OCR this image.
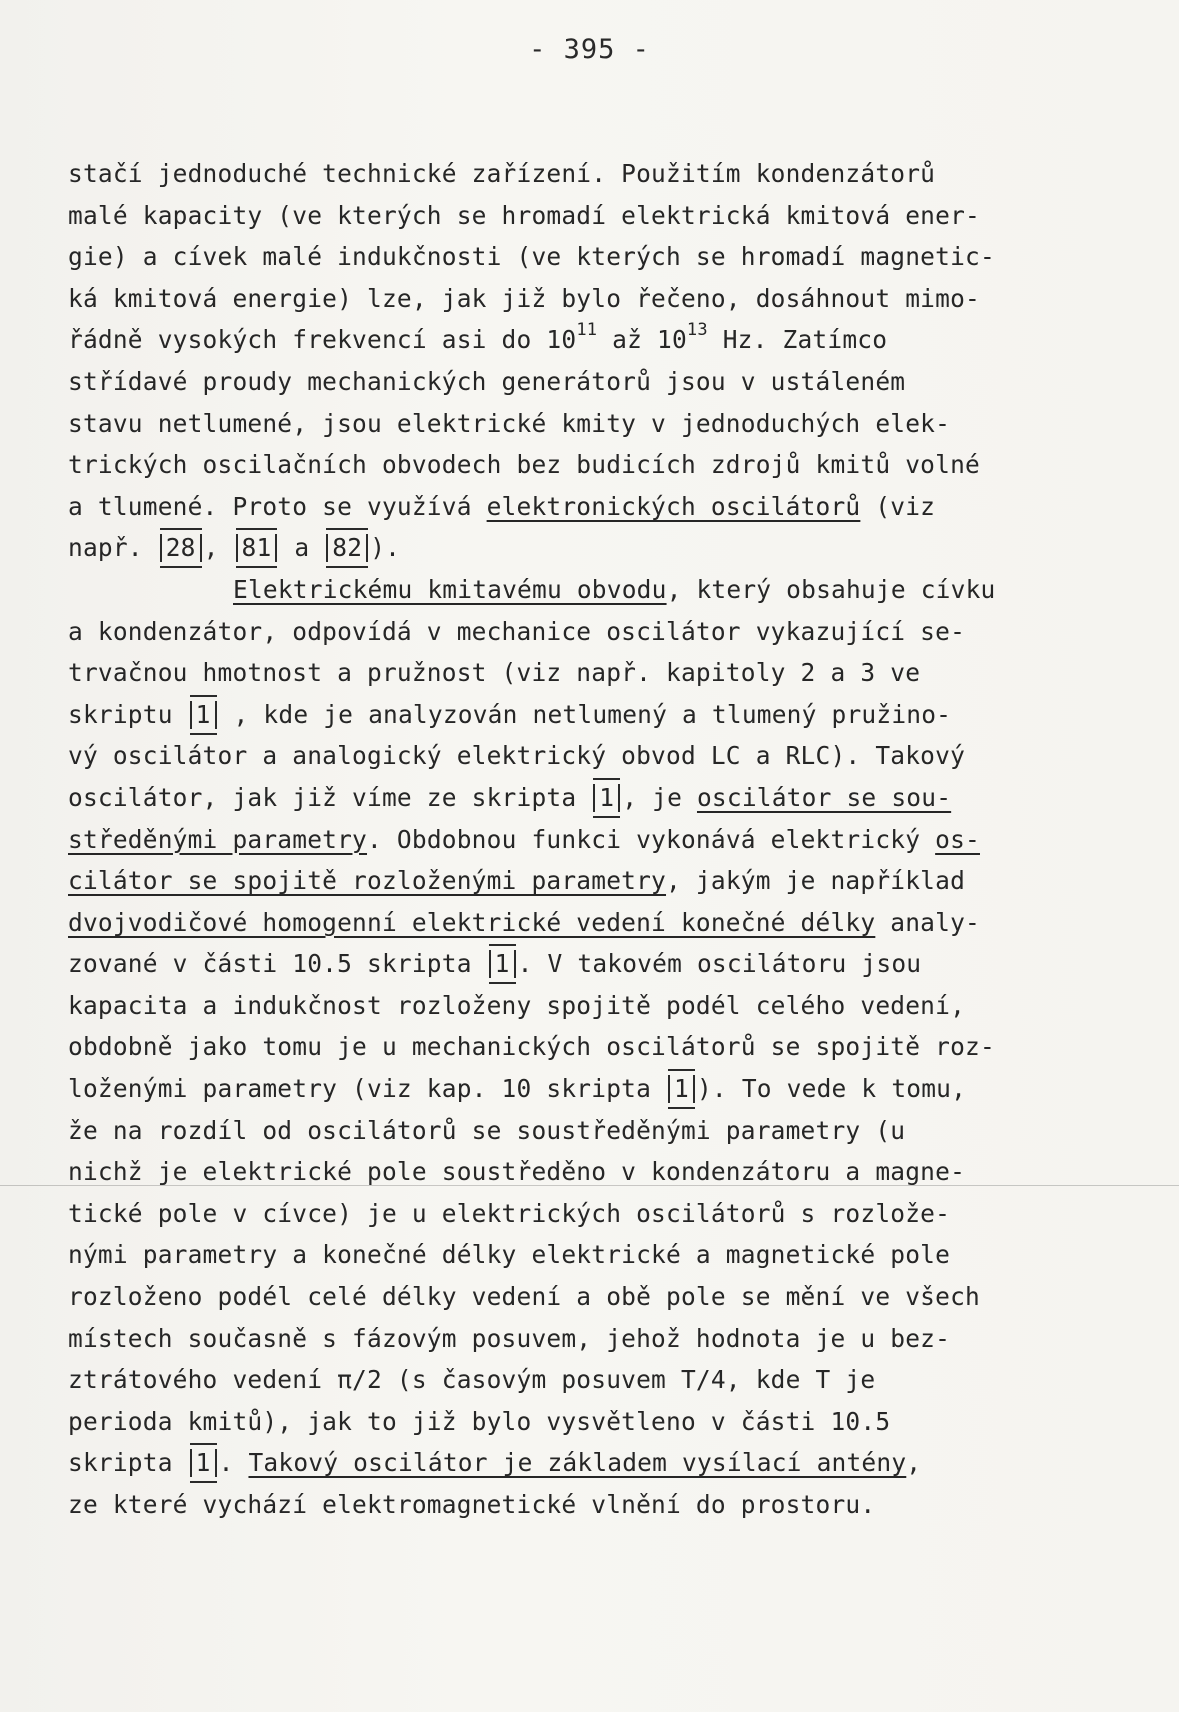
- 395 -
stačí jednoduché technické zařízení. Použitím kondenzátorů
malé kapacity (ve kterých se hromadí elektrická kmitová ener-
gie) a cívek malé indukčnosti (ve kterých se hromadí magnetic-
ká kmitová energie) lze, jak již bylo řečeno, dosáhnout mimo-
řádně vysokých frekvencí asi do $10^{11}$ až $10^{13}$ Hz. Zatímco
střídavé proudy mechanických generátorů jsou v ustáleném
stavu netlumené, jsou elektrické kmity v jednoduchých elek-
trických oscilačních obvodech bez budicích zdrojů kmitů volné
a tlumené. Proto se využívá elektronických oscilátorů (viz
např. 28 , 81 a 82 ).
Elektrickému kmitavému obvodu, který obsahuje cívku
a kondenzátor, odpovídá v mechanice oscilátor vykazující se-
trvačnou hmotnost a pružnost (viz např. kapitoly 2 a 3 ve
skriptu 1 , kde je analyzován netlumený a tlumený pružino-
vý oscilátor a analogický elektrický obvod LC a RLC). Takový
oscilátor, jak již víme ze skripta 1 , je oscilátor se sou-
středěnými parametry. Obdobnou funkci vykonává elektrický os-
cilátor se spojitě rozloženými parametry, jakým je například
dvojvodičové homogenní elektrické vedení konečné délky analy-
zované v části 10.5 skripta 1 . V takovém oscilátoru jsou
kapacita a indukčnost rozloženy spojitě podél celého vedení,
obdobně jako tomu je u mechanických oscilátorů se spojitě roz-
loženými parametry (viz kap. 10 skripta 1 ). To vede k tomu,
že na rozdíl od oscilátorů se soustředěnými parametry (u
nichž je elektrické pole soustředěno v kondenzátoru a magne-
tické pole v cívce) je u elektrických oscilátorů s rozlože-
nými parametry a konečné délky elektrické a magnetické pole
rozloženo podél celé délky vedení a obě pole se mění ve všech
místech současně s fázovým posuvem, jehož hodnota je u bez-
ztrátového vedení π/2 (s časovým posuvem T/4, kde T je
perioda kmitů), jak to již bylo vysvětleno v části 10.5
skripta 1 . Takový oscilátor je základem vysílací antény,
ze které vychází elektromagnetické vlnění do prostoru.
